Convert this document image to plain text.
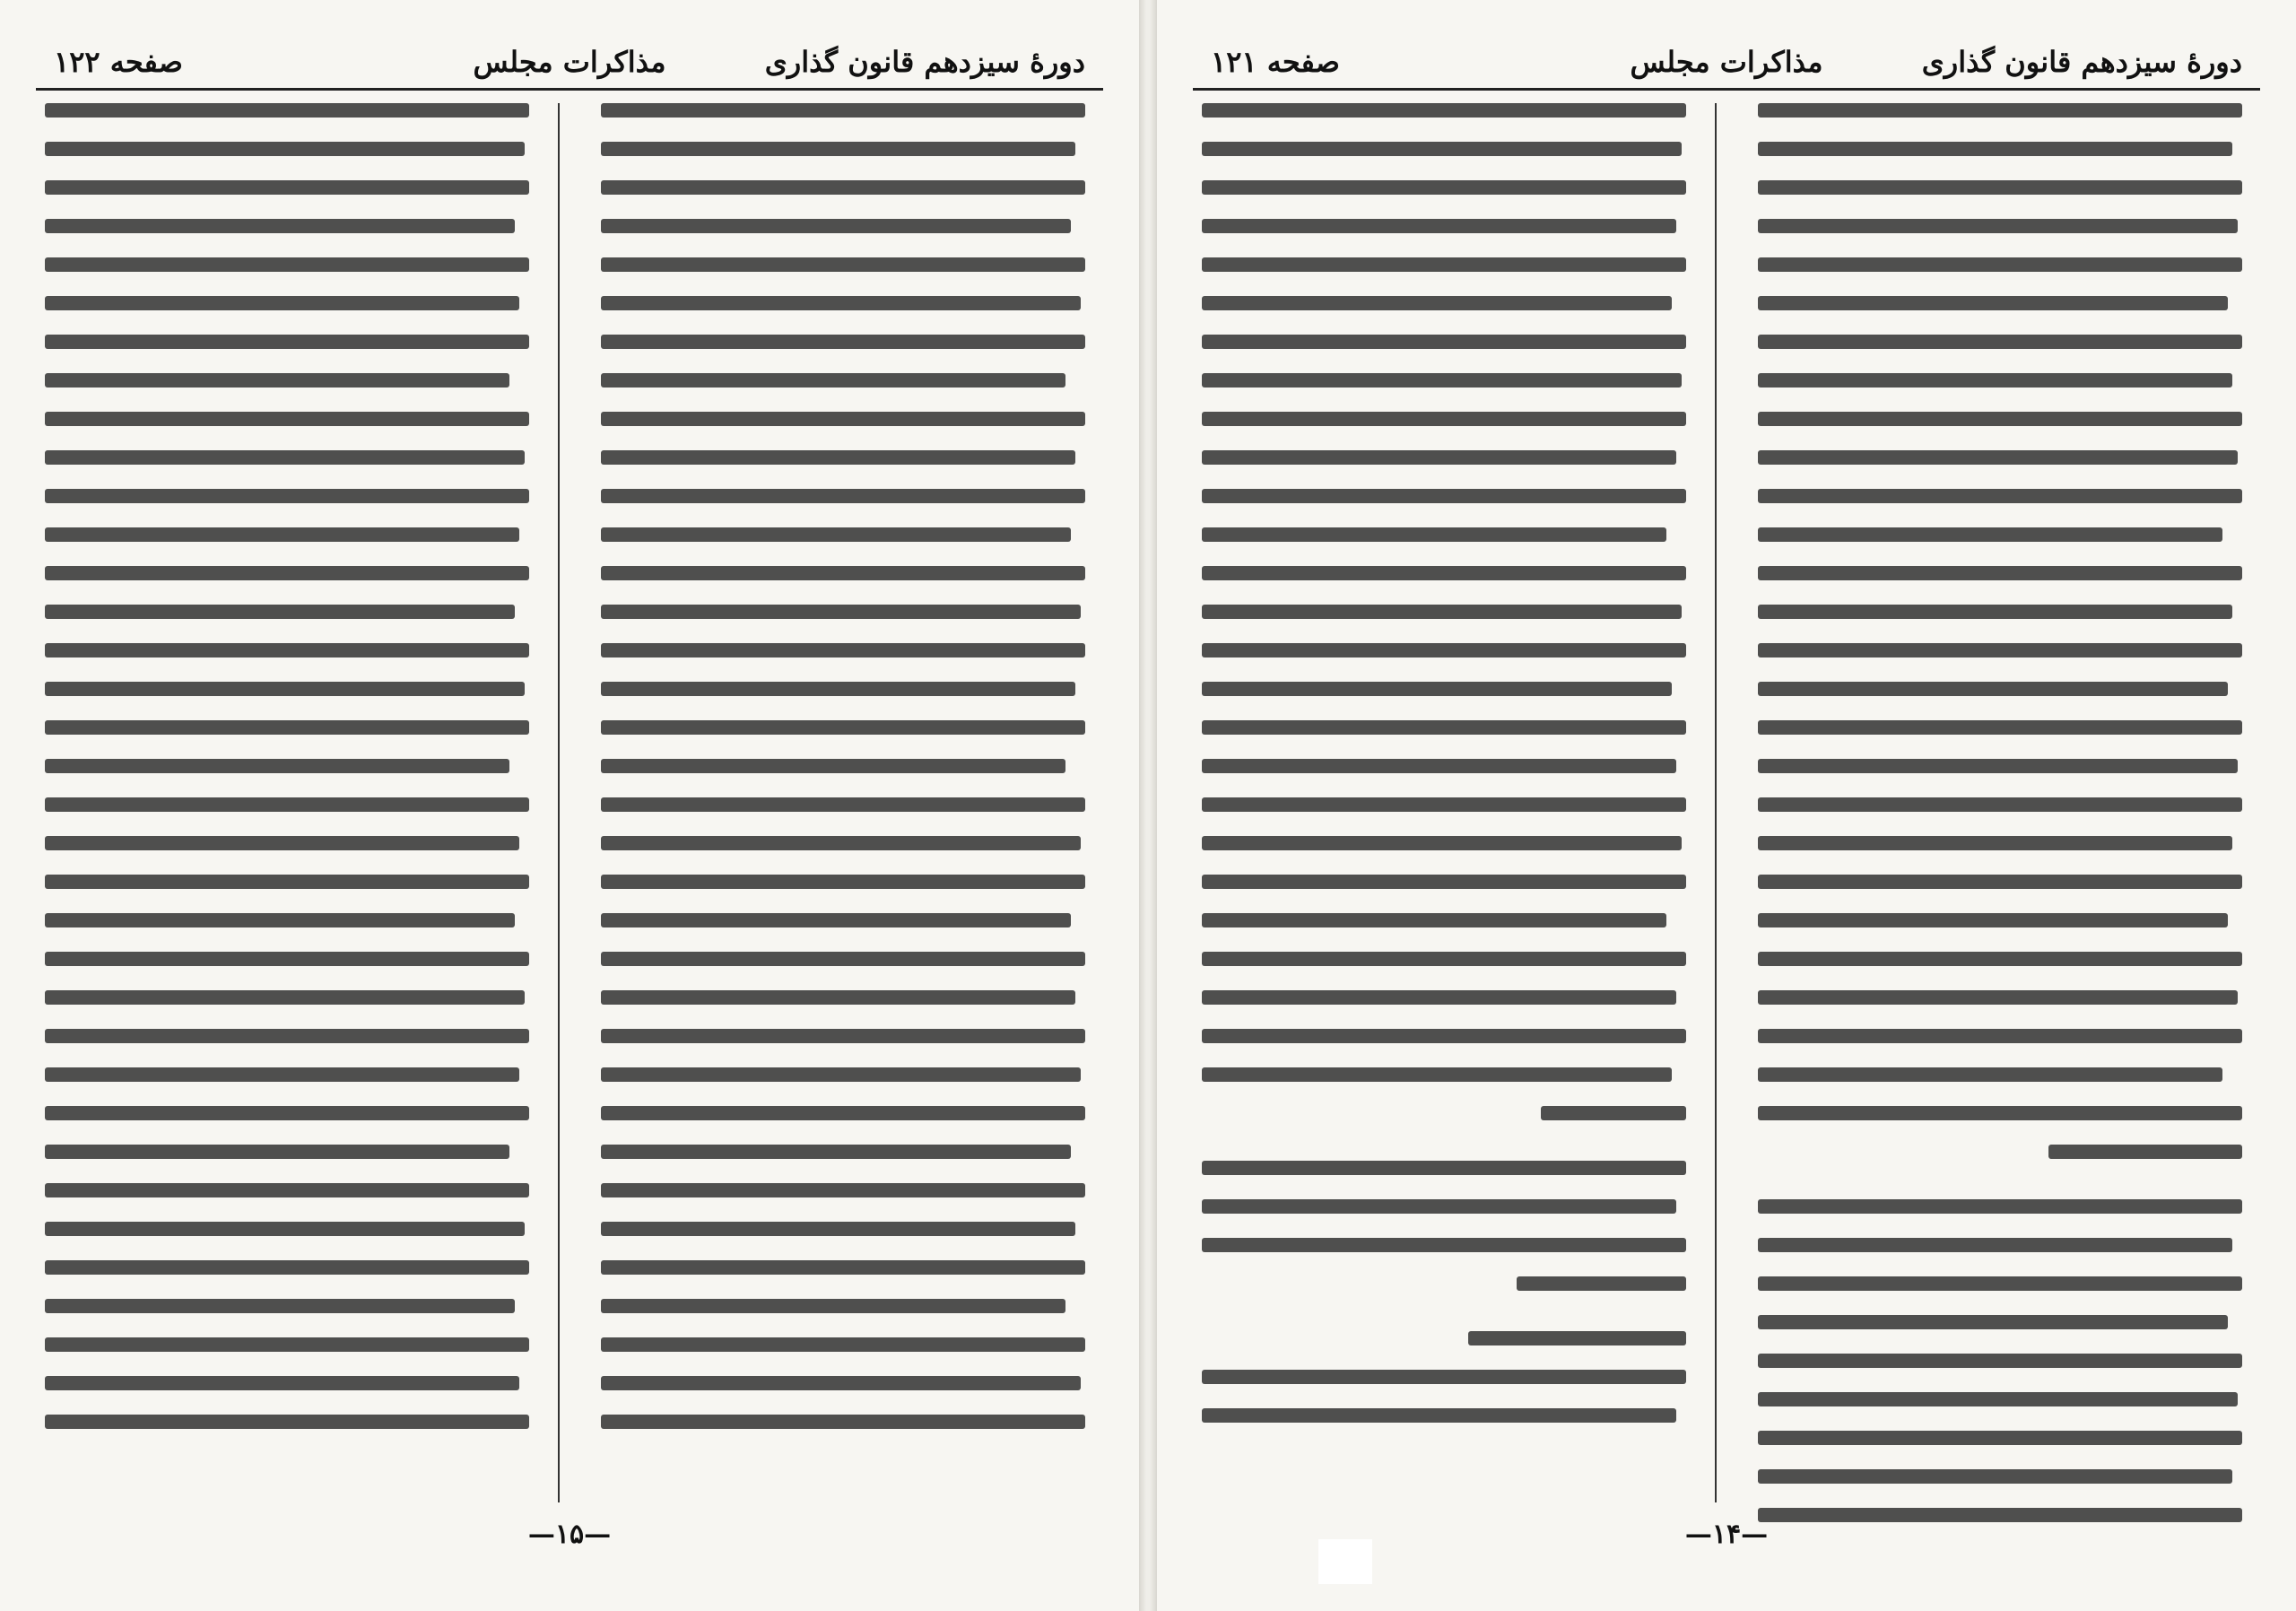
دورهٔ سیزدهم قانون گذاری
مذاکرات مجلس
صفحه ۱۲۲
—۱۵—
دورهٔ سیزدهم قانون گذاری
مذاکرات مجلس
صفحه ۱۲۱
—۱۴—
